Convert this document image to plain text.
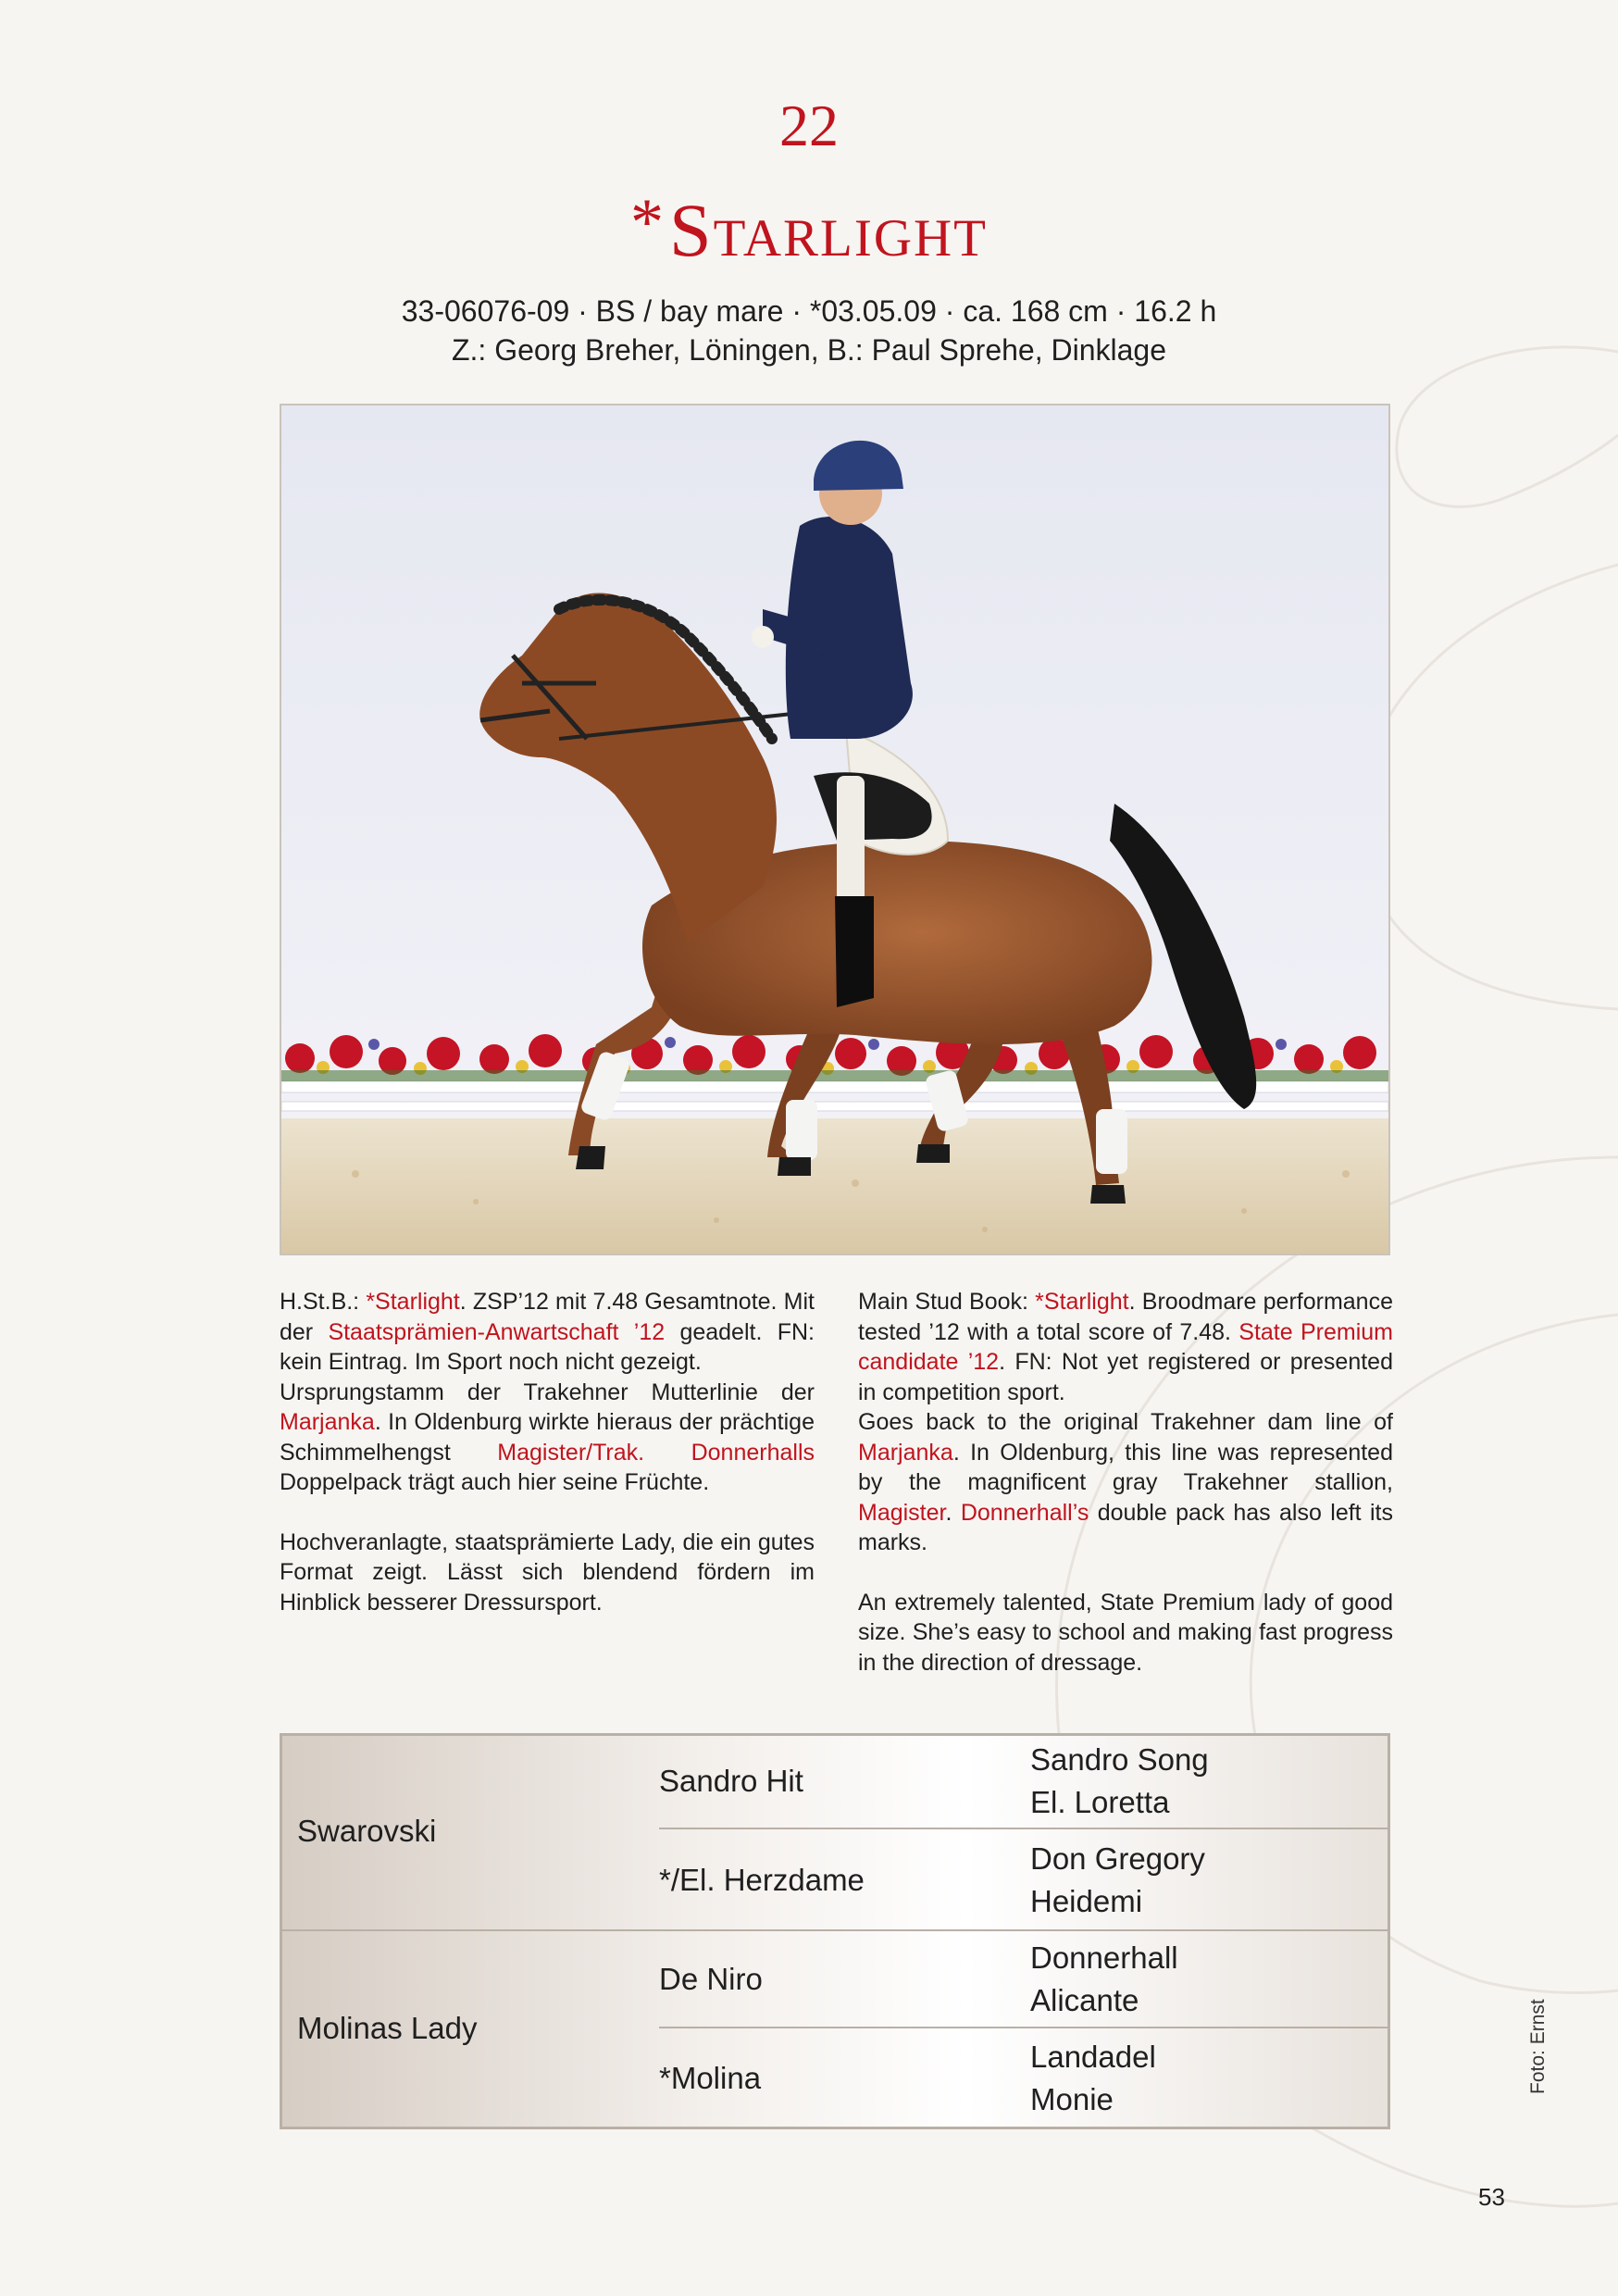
22
*Starlight
33-06076-09 · BS / bay mare · *03.05.09 · ca. 168 cm · 16.2 h
Z.: Georg Breher, Löningen, B.: Paul Sprehe, Dinklage

H.St.B.: *Starlight. ZSP’12 mit 7.48 Gesamtnote. Mit der Staatsprämien-Anwartschaft ’12 geadelt. FN: kein Eintrag. Im Sport noch nicht gezeigt.

Ursprungstamm der Trakehner Mutterlinie der Marjanka. In Oldenburg wirkte hieraus der prächtige Schimmelhengst Magister/Trak. Donnerhalls Doppelpack trägt auch hier seine Früchte.

Hochveranlagte, staatsprämierte Lady, die ein gutes Format zeigt. Lässt sich blendend fördern im Hinblick besserer Dressursport.

Main Stud Book: *Starlight. Broodmare performance tested ’12 with a total score of 7.48. State Premium candidate ’12. FN: Not yet registered or presented in competition sport.

Goes back to the original Trakehner dam line of Marjanka. In Oldenburg, this line was represented by the magnificent gray Trakehner stallion, Magister. Donnerhall’s double pack has also left its marks.

An extremely talented, State Premium lady of good size. She’s easy to school and making fast progress in the direction of dressage.

Swarovski
Molinas Lady
Sandro Hit
*/El. Herzdame
De Niro
*Molina
Sandro Song
El. Loretta
Don Gregory
Heidemi
Donnerhall
Alicante
Landadel
Monie
Foto: Ernst
53
